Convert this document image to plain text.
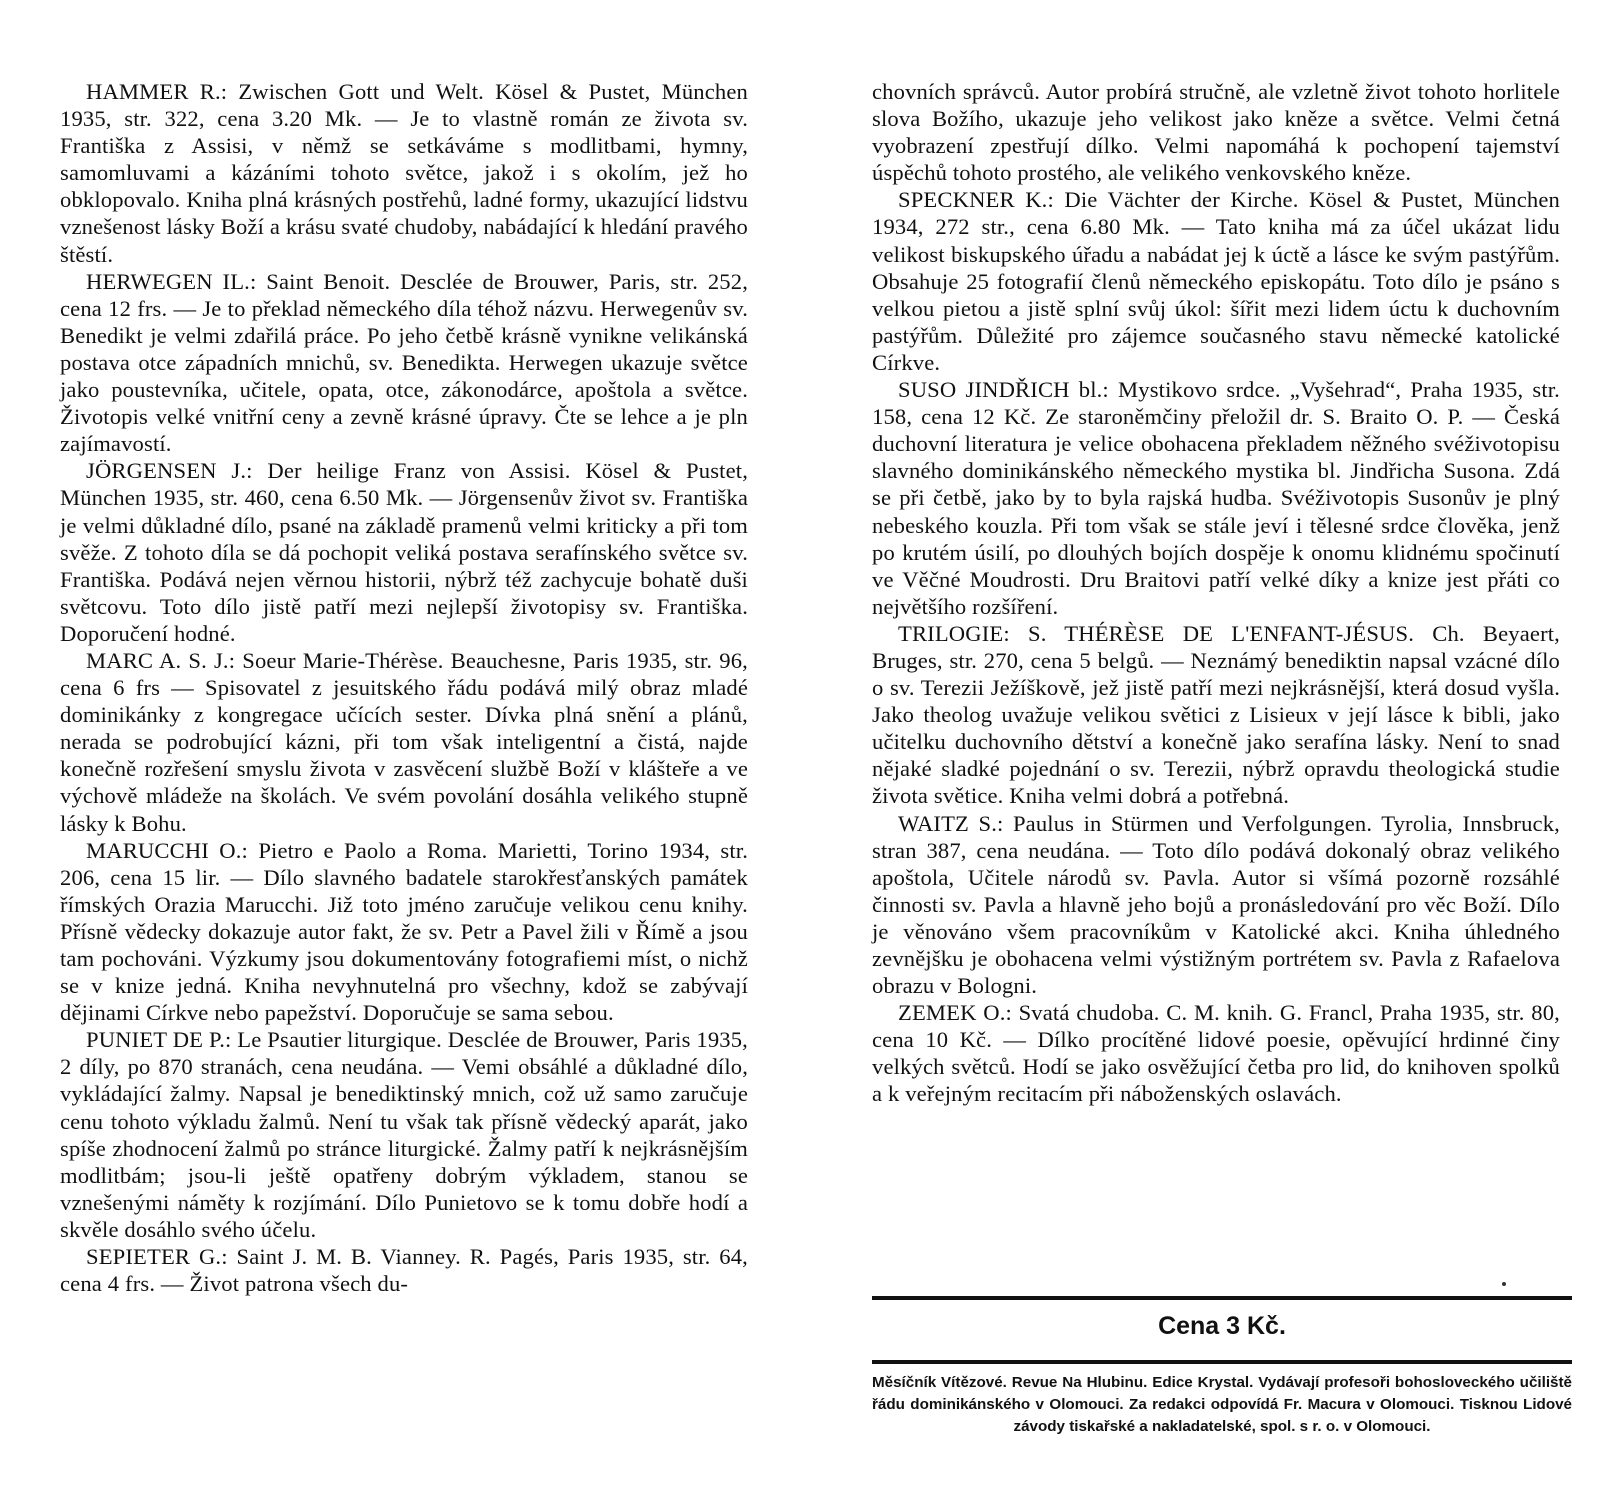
HAMMER R.: Zwischen Gott und Welt. Kösel & Pustet, München 1935, str. 322, cena 3.20 Mk. — Je to vlastně román ze života sv. Františka z Assisi, v němž se setkáváme s modlitbami, hymny, samomluvami a kázáními tohoto světce, jakož i s okolím, jež ho obklopovalo. Kniha plná krásných postřehů, ladné formy, ukazující lidstvu vznešenost lásky Boží a krásu svaté chudoby, nabádající k hledání pravého štěstí.

HERWEGEN IL.: Saint Benoit. Desclée de Brouwer, Paris, str. 252, cena 12 frs. — Je to překlad německého díla téhož názvu. Herwegenův sv. Benedikt je velmi zdařilá práce. Po jeho četbě krásně vynikne velikánská postava otce západních mnichů, sv. Benedikta. Herwegen ukazuje světce jako poustevníka, učitele, opata, otce, zákonodárce, apoštola a světce. Životopis velké vnitřní ceny a zevně krásné úpravy. Čte se lehce a je pln zajímavostí.

JÖRGENSEN J.: Der heilige Franz von Assisi. Kösel & Pustet, München 1935, str. 460, cena 6.50 Mk. — Jörgensenův život sv. Františka je velmi důkladné dílo, psané na základě pramenů velmi kriticky a při tom svěže. Z tohoto díla se dá pochopit veliká postava serafínského světce sv. Františka. Podává nejen věrnou historii, nýbrž též zachycuje bohatě duši světcovu. Toto dílo jistě patří mezi nejlepší životopisy sv. Františka. Doporučení hodné.

MARC A. S. J.: Soeur Marie-Thérèse. Beauchesne, Paris 1935, str. 96, cena 6 frs — Spisovatel z jesuitského řádu podává milý obraz mladé dominikánky z kongregace učících sester. Dívka plná snění a plánů, nerada se podrobující kázni, při tom však inteligentní a čistá, najde konečně rozřešení smyslu života v zasvěcení službě Boží v klášteře a ve výchově mládeže na školách. Ve svém povolání dosáhla velikého stupně lásky k Bohu.

MARUCCHI O.: Pietro e Paolo a Roma. Marietti, Torino 1934, str. 206, cena 15 lir. — Dílo slavného badatele starokřesťanských památek římských Orazia Marucchi. Již toto jméno zaručuje velikou cenu knihy. Přísně vědecky dokazuje autor fakt, že sv. Petr a Pavel žili v Římě a jsou tam pochováni. Výzkumy jsou dokumentovány fotografiemi míst, o nichž se v knize jedná. Kniha nevyhnutelná pro všechny, kdož se zabývají dějinami Církve nebo papežství. Doporučuje se sama sebou.

PUNIET DE P.: Le Psautier liturgique. Desclée de Brouwer, Paris 1935, 2 díly, po 870 stranách, cena neudána. — Vemi obsáhlé a důkladné dílo, vykládající žalmy. Napsal je benediktinský mnich, což už samo zaručuje cenu tohoto výkladu žalmů. Není tu však tak přísně vědecký aparát, jako spíše zhodnocení žalmů po stránce liturgické. Žalmy patří k nejkrásnějším modlitbám; jsou-li ještě opatřeny dobrým výkladem, stanou se vznešenými náměty k rozjímání. Dílo Punietovo se k tomu dobře hodí a skvěle dosáhlo svého účelu.

SEPIETER G.: Saint J. M. B. Vianney. R. Pagés, Paris 1935, str. 64, cena 4 frs. — Život patrona všech du-

chovních správců. Autor probírá stručně, ale vzletně život tohoto horlitele slova Božího, ukazuje jeho velikost jako kněze a světce. Velmi četná vyobrazení zpestřují dílko. Velmi napomáhá k pochopení tajemství úspěchů tohoto prostého, ale velikého venkovského kněze.

SPECKNER K.: Die Vächter der Kirche. Kösel & Pustet, München 1934, 272 str., cena 6.80 Mk. — Tato kniha má za účel ukázat lidu velikost biskupského úřadu a nabádat jej k úctě a lásce ke svým pastýřům. Obsahuje 25 fotografií členů německého episkopátu. Toto dílo je psáno s velkou pietou a jistě splní svůj úkol: šířit mezi lidem úctu k duchovním pastýřům. Důležité pro zájemce současného stavu německé katolické Církve.

SUSO JINDŘICH bl.: Mystikovo srdce. „Vyšehrad“, Praha 1935, str. 158, cena 12 Kč. Ze staroněmčiny přeložil dr. S. Braito O. P. — Česká duchovní literatura je velice obohacena překladem něžného svéživotopisu slavného dominikánského německého mystika bl. Jindřicha Susona. Zdá se při četbě, jako by to byla rajská hudba. Svéživotopis Susonův je plný nebeského kouzla. Při tom však se stále jeví i tělesné srdce člověka, jenž po krutém úsilí, po dlouhých bojích dospěje k onomu klidnému spočinutí ve Věčné Moudrosti. Dru Braitovi patří velké díky a knize jest přáti co největšího rozšíření.

TRILOGIE: S. THÉRÈSE DE L'ENFANT-JÉSUS. Ch. Beyaert, Bruges, str. 270, cena 5 belgů. — Neznámý benediktin napsal vzácné dílo o sv. Terezii Ježíškově, jež jistě patří mezi nejkrásnější, která dosud vyšla. Jako theolog uvažuje velikou světici z Lisieux v její lásce k bibli, jako učitelku duchovního dětství a konečně jako serafína lásky. Není to snad nějaké sladké pojednání o sv. Terezii, nýbrž opravdu theologická studie života světice. Kniha velmi dobrá a potřebná.

WAITZ S.: Paulus in Stürmen und Verfolgungen. Tyrolia, Innsbruck, stran 387, cena neudána. — Toto dílo podává dokonalý obraz velikého apoštola, Učitele národů sv. Pavla. Autor si všímá pozorně rozsáhlé činnosti sv. Pavla a hlavně jeho bojů a pronásledování pro věc Boží. Dílo je věnováno všem pracovníkům v Katolické akci. Kniha úhledného zevnějšku je obohacena velmi výstižným portrétem sv. Pavla z Rafaelova obrazu v Bologni.

ZEMEK O.: Svatá chudoba. C. M. knih. G. Francl, Praha 1935, str. 80, cena 10 Kč. — Dílko procítěné lidové poesie, opěvující hrdinné činy velkých světců. Hodí se jako osvěžující četba pro lid, do knihoven spolků a k veřejným recitacím při náboženských oslavách.

Cena 3 Kč.
Měsíčník Vítězové. Revue Na Hlubinu. Edice Krystal. Vydávají profesoři bohosloveckého učiliště řádu dominikánského v Olomouci. Za redakci odpovídá Fr. Macura v Olomouci. Tisknou Lidové závody tiskařské a nakladatelské, spol. s r. o. v Olomouci.
